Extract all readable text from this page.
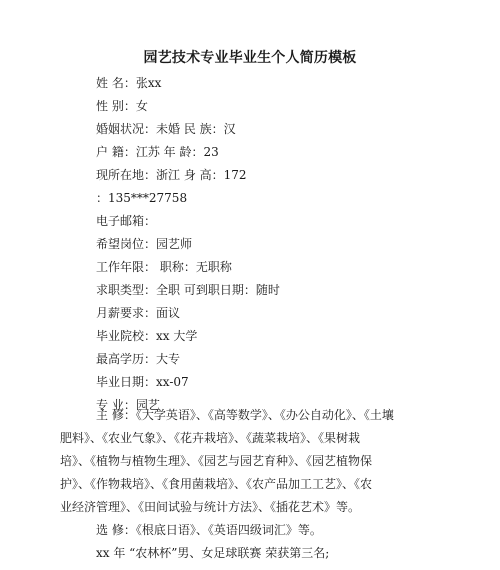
园艺技术专业毕业生个人简历模板
姓 名：张xx
性 别：女
婚姻状况：未婚 民 族：汉
户 籍：江苏 年 龄：23
现所在地：浙江 身 高：172
：135***27758
电子邮箱：
希望岗位：园艺师
工作年限： 职称：无职称
求职类型：全职 可到职日期：随时
月薪要求：面议
毕业院校：xx 大学
最高学历：大专
毕业日期：xx-07
专 业：园艺
主 修：《大学英语》、《高等数学》、《办公自动化》、《土壤
肥料》、《农业气象》、《花卉栽培》、《蔬菜栽培》、《果树栽
培》、《植物与植物生理》、《园艺与园艺育种》、《园艺植物保
护》、《作物栽培》、《食用菌栽培》、《农产品加工工艺》、《农
业经济管理》、《田间试验与统计方法》、《插花艺术》等。
选 修：《根底日语》、《英语四级词汇》等。
xx 年 “农林杯”男、女足球联赛 荣获第三名;
